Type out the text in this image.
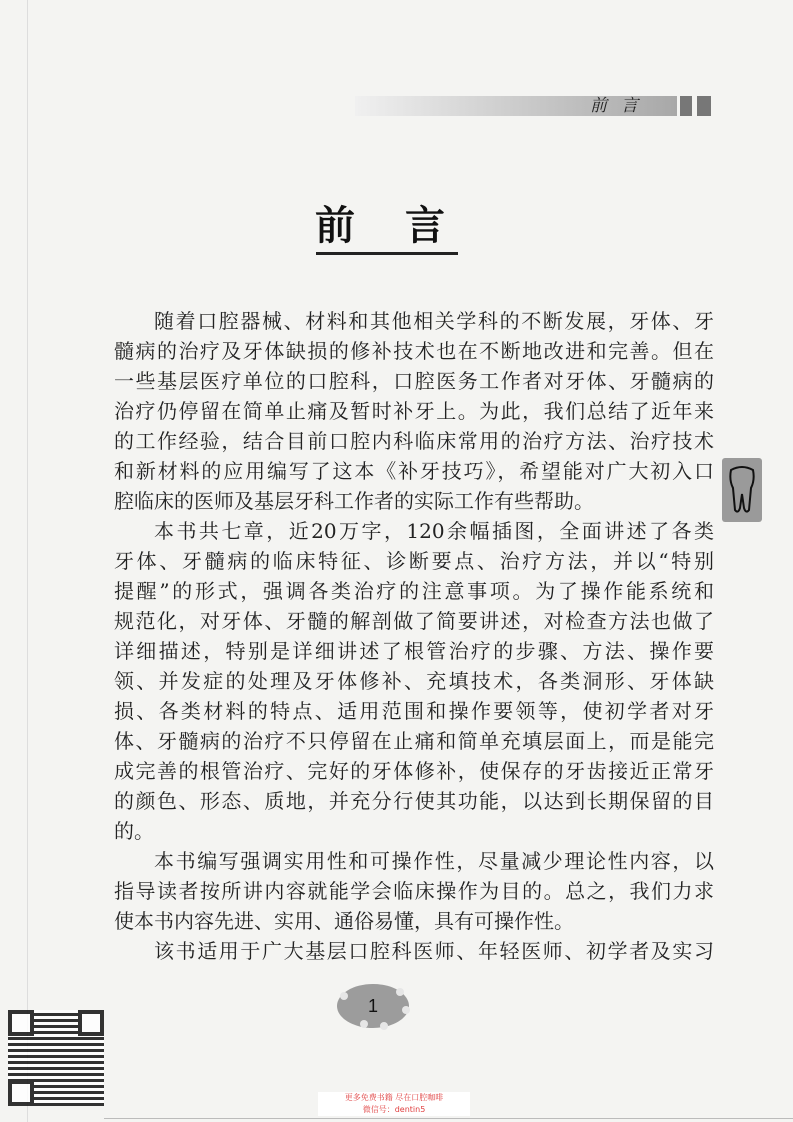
前言
前言
随着口腔器械、材料和其他相关学科的不断发展，牙体、牙
髓病的治疗及牙体缺损的修补技术也在不断地改进和完善。但在
一些基层医疗单位的口腔科，口腔医务工作者对牙体、牙髓病的
治疗仍停留在简单止痛及暂时补牙上。为此，我们总结了近年来
的工作经验，结合目前口腔内科临床常用的治疗方法、治疗技术
和新材料的应用编写了这本《补牙技巧》，希望能对广大初入口
腔临床的医师及基层牙科工作者的实际工作有些帮助。
本书共七章，近20万字，120余幅插图，全面讲述了各类
牙体、牙髓病的临床特征、诊断要点、治疗方法，并以“特别
提醒”的形式，强调各类治疗的注意事项。为了操作能系统和
规范化，对牙体、牙髓的解剖做了简要讲述，对检查方法也做了
详细描述，特别是详细讲述了根管治疗的步骤、方法、操作要
领、并发症的处理及牙体修补、充填技术，各类洞形、牙体缺
损、各类材料的特点、适用范围和操作要领等，使初学者对牙
体、牙髓病的治疗不只停留在止痛和简单充填层面上，而是能完
成完善的根管治疗、完好的牙体修补，使保存的牙齿接近正常牙
的颜色、形态、质地，并充分行使其功能，以达到长期保留的目
的。
本书编写强调实用性和可操作性，尽量减少理论性内容，以
指导读者按所讲内容就能学会临床操作为目的。总之，我们力求
使本书内容先进、实用、通俗易懂，具有可操作性。
该书适用于广大基层口腔科医师、年轻医师、初学者及实习
1
更多免费书籍 尽在口腔咖啡
微信号：dentin5
